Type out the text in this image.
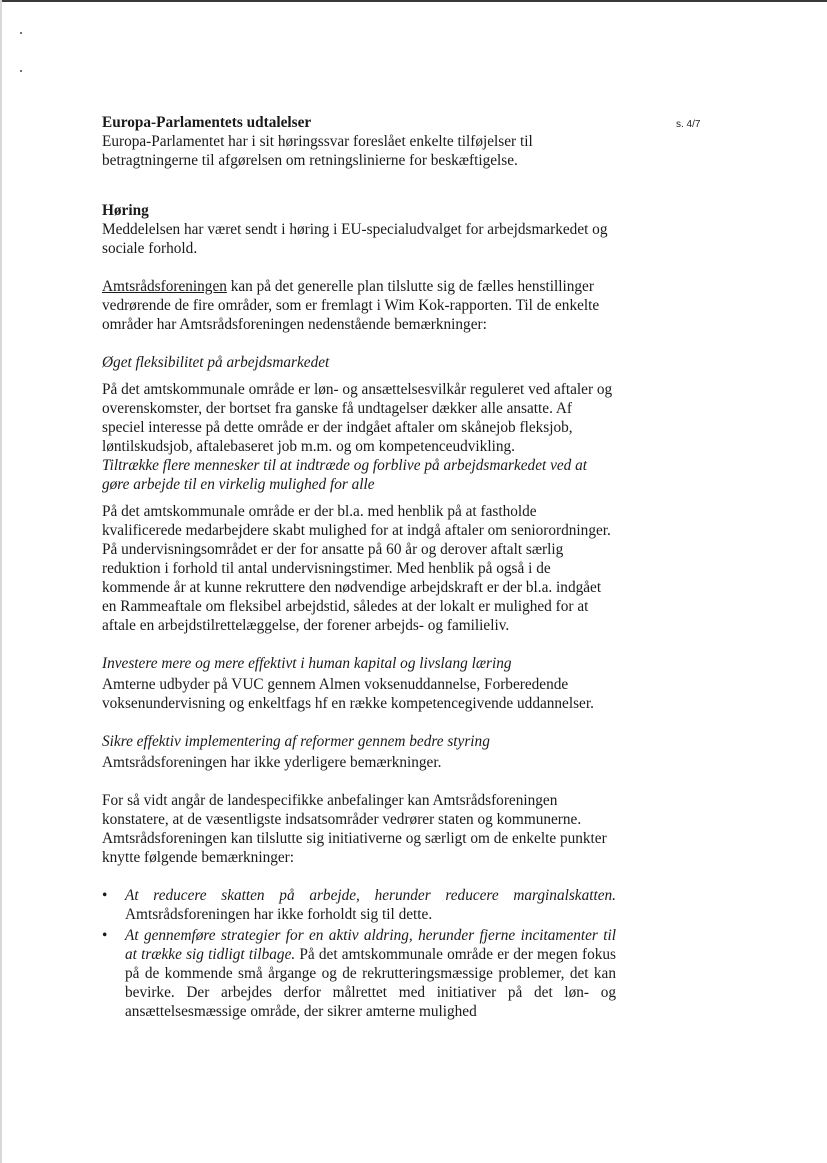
s. 4/7
Europa-Parlamentets udtalelser

Europa-Parlamentet har i sit høringssvar foreslået enkelte tilføjelser til betragtningerne til afgørelsen om retningslinierne for beskæftigelse.

Høring

Meddelelsen har været sendt i høring i EU-specialudvalget for arbejdsmarkedet og sociale forhold.

Amtsrådsforeningen kan på det generelle plan tilslutte sig de fælles henstillinger vedrørende de fire områder, som er fremlagt i Wim Kok-rapporten. Til de enkelte områder har Amtsrådsforeningen nedenstående bemærkninger:

Øget fleksibilitet på arbejdsmarkedet

På det amtskommunale område er løn- og ansættelsesvilkår reguleret ved aftaler og overenskomster, der bortset fra ganske få undtagelser dækker alle ansatte. Af speciel interesse på dette område er der indgået aftaler om skånejob fleksjob, løntilskudsjob, aftalebaseret job m.m. og om kompetenceudvikling.

Tiltrække flere mennesker til at indtræde og forblive på arbejdsmarkedet ved at gøre arbejde til en virkelig mulighed for alle

På det amtskommunale område er der bl.a. med henblik på at fastholde kvalificerede medarbejdere skabt mulighed for at indgå aftaler om seniorordninger. På undervisningsområdet er der for ansatte på 60 år og derover aftalt særlig reduktion i forhold til antal undervisningstimer. Med henblik på også i de kommende år at kunne rekruttere den nødvendige arbejdskraft er der bl.a. indgået en Rammeaftale om fleksibel arbejdstid, således at der lokalt er mulighed for at aftale en arbejdstilrettelæggelse, der forener arbejds- og familieliv.

Investere mere og mere effektivt i human kapital og livslang læring

Amterne udbyder på VUC gennem Almen voksenuddannelse, Forberedende voksenundervisning og enkeltfags hf en række kompetencegivende uddannelser.

Sikre effektiv implementering af reformer gennem bedre styring

Amtsrådsforeningen har ikke yderligere bemærkninger.

For så vidt angår de landespecifikke anbefalinger kan Amtsrådsforeningen konstatere, at de væsentligste indsatsområder vedrører staten og kommunerne. Amtsrådsforeningen kan tilslutte sig initiativerne og særligt om de enkelte punkter knytte følgende bemærkninger:

• At reducere skatten på arbejde, herunder reducere marginalskatten. Amtsrådsforeningen har ikke forholdt sig til dette.
• At gennemføre strategier for en aktiv aldring, herunder fjerne incitamenter til at trække sig tidligt tilbage. På det amtskommunale område er der megen fokus på de kommende små årgange og de rekrutteringsmæssige problemer, det kan bevirke. Der arbejdes derfor målrettet med initiativer på det løn- og ansættelsesmæssige område, der sikrer amterne mulighed
